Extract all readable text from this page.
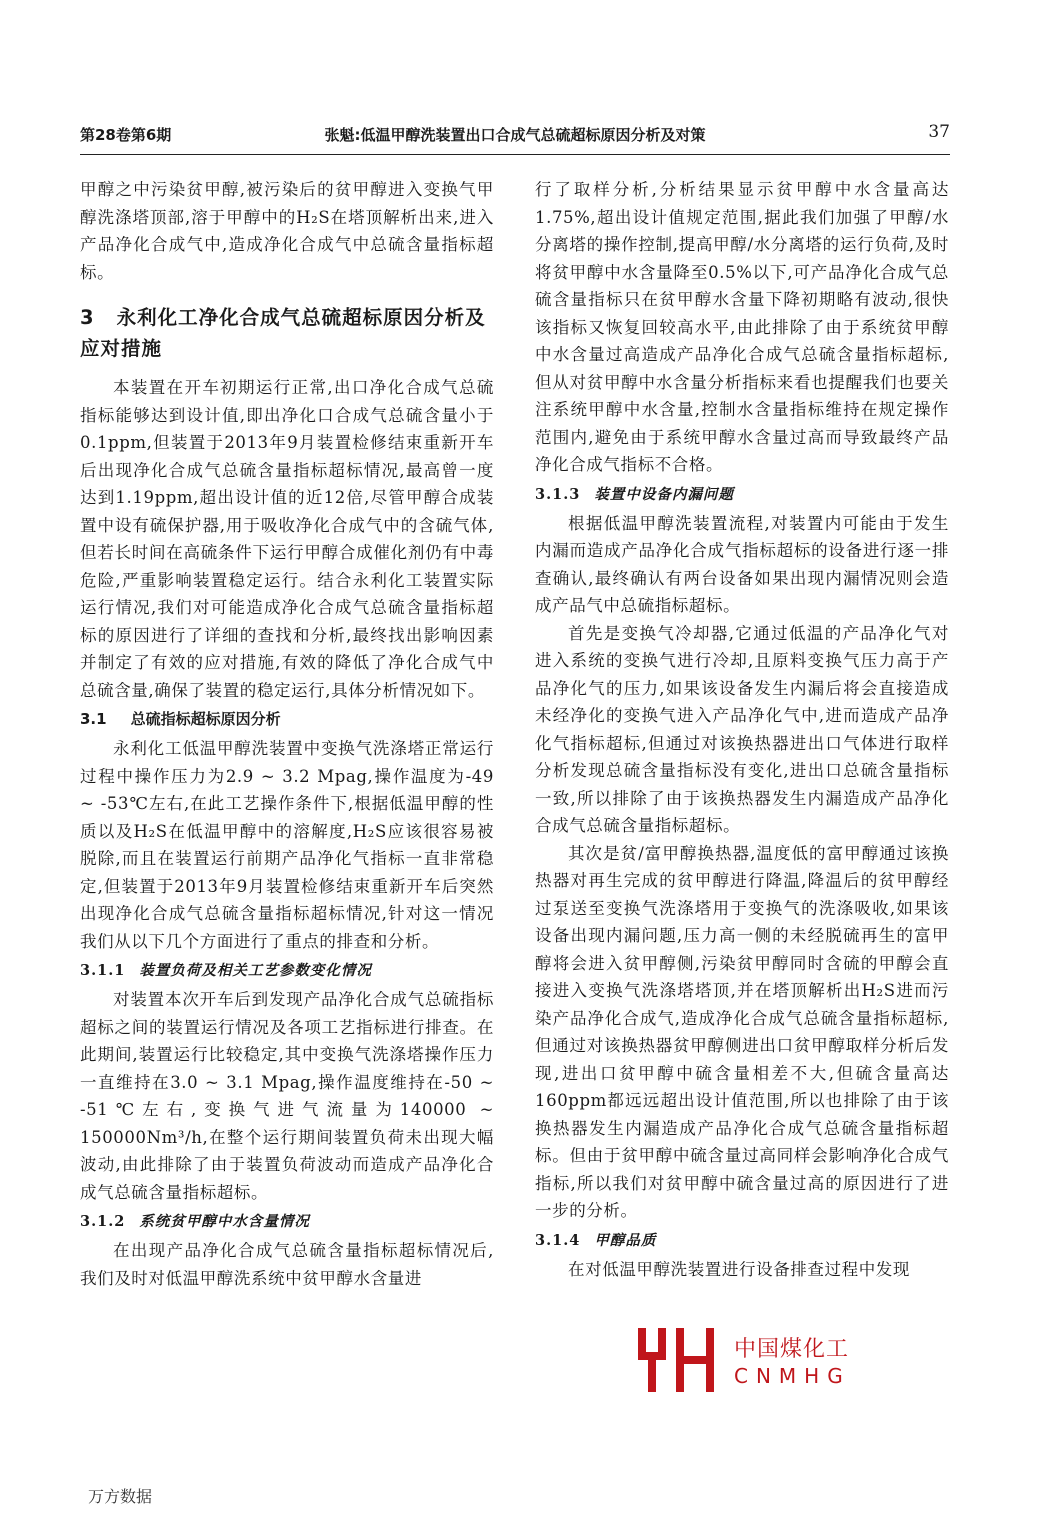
第28卷第6期	张魁:低温甲醇洗装置出口合成气总硫超标原因分析及对策	37

甲醇之中污染贫甲醇,被污染后的贫甲醇进入变换气甲醇洗涤塔顶部,溶于甲醇中的H₂S在塔顶解析出来,进入产品净化合成气中,造成净化合成气中总硫含量指标超标。

3 永利化工净化合成气总硫超标原因分析及应对措施

本装置在开车初期运行正常,出口净化合成气总硫指标能够达到设计值,即出净化口合成气总硫含量小于0.1ppm,但装置于2013年9月装置检修结束重新开车后出现净化合成气总硫含量指标超标情况,最高曾一度达到1.19ppm,超出设计值的近12倍,尽管甲醇合成装置中设有硫保护器,用于吸收净化合成气中的含硫气体,但若长时间在高硫条件下运行甲醇合成催化剂仍有中毒危险,严重影响装置稳定运行。结合永利化工装置实际运行情况,我们对可能造成净化合成气总硫含量指标超标的原因进行了详细的查找和分析,最终找出影响因素并制定了有效的应对措施,有效的降低了净化合成气中总硫含量,确保了装置的稳定运行,具体分析情况如下。

3.1 总硫指标超标原因分析

永利化工低温甲醇洗装置中变换气洗涤塔正常运行过程中操作压力为2.9 ~ 3.2 Mpag,操作温度为-49 ~ -53℃左右,在此工艺操作条件下,根据低温甲醇的性质以及H₂S在低温甲醇中的溶解度,H₂S应该很容易被脱除,而且在装置运行前期产品净化气指标一直非常稳定,但装置于2013年9月装置检修结束重新开车后突然出现净化合成气总硫含量指标超标情况,针对这一情况我们从以下几个方面进行了重点的排查和分析。

3.1.1 装置负荷及相关工艺参数变化情况

对装置本次开车后到发现产品净化合成气总硫指标超标之间的装置运行情况及各项工艺指标进行排查。在此期间,装置运行比较稳定,其中变换气洗涤塔操作压力一直维持在3.0 ~ 3.1 Mpag,操作温度维持在-50 ~ -51℃左右,变换气进气流量为140000 ~ 150000Nm³/h,在整个运行期间装置负荷未出现大幅波动,由此排除了由于装置负荷波动而造成产品净化合成气总硫含量指标超标。

3.1.2 系统贫甲醇中水含量情况

在出现产品净化合成气总硫含量指标超标情况后,我们及时对低温甲醇洗系统中贫甲醇水含量进

行了取样分析,分析结果显示贫甲醇中水含量高达1.75%,超出设计值规定范围,据此我们加强了甲醇/水分离塔的操作控制,提高甲醇/水分离塔的运行负荷,及时将贫甲醇中水含量降至0.5%以下,可产品净化合成气总硫含量指标只在贫甲醇水含量下降初期略有波动,很快该指标又恢复回较高水平,由此排除了由于系统贫甲醇中水含量过高造成产品净化合成气总硫含量指标超标,但从对贫甲醇中水含量分析指标来看也提醒我们也要关注系统甲醇中水含量,控制水含量指标维持在规定操作范围内,避免由于系统甲醇水含量过高而导致最终产品净化合成气指标不合格。

3.1.3 装置中设备内漏问题

根据低温甲醇洗装置流程,对装置内可能由于发生内漏而造成产品净化合成气指标超标的设备进行逐一排查确认,最终确认有两台设备如果出现内漏情况则会造成产品气中总硫指标超标。

首先是变换气冷却器,它通过低温的产品净化气对进入系统的变换气进行冷却,且原料变换气压力高于产品净化气的压力,如果该设备发生内漏后将会直接造成未经净化的变换气进入产品净化气中,进而造成产品净化气指标超标,但通过对该换热器进出口气体进行取样分析发现总硫含量指标没有变化,进出口总硫含量指标一致,所以排除了由于该换热器发生内漏造成产品净化合成气总硫含量指标超标。

其次是贫/富甲醇换热器,温度低的富甲醇通过该换热器对再生完成的贫甲醇进行降温,降温后的贫甲醇经过泵送至变换气洗涤塔用于变换气的洗涤吸收,如果该设备出现内漏问题,压力高一侧的未经脱硫再生的富甲醇将会进入贫甲醇侧,污染贫甲醇同时含硫的甲醇会直接进入变换气洗涤塔塔顶,并在塔顶解析出H₂S进而污染产品净化合成气,造成净化合成气总硫含量指标超标,但通过对该换热器贫甲醇侧进出口贫甲醇取样分析后发现,进出口贫甲醇中硫含量相差不大,但硫含量高达160ppm都远远超出设计值范围,所以也排除了由于该换热器发生内漏造成产品净化合成气总硫含量指标超标。但由于贫甲醇中硫含量过高同样会影响净化合成气指标,所以我们对贫甲醇中硫含量过高的原因进行了进一步的分析。

3.1.4 甲醇品质

在对低温甲醇洗装置进行设备排查过程中发现

中国煤化工
CNMHG
万方数据
